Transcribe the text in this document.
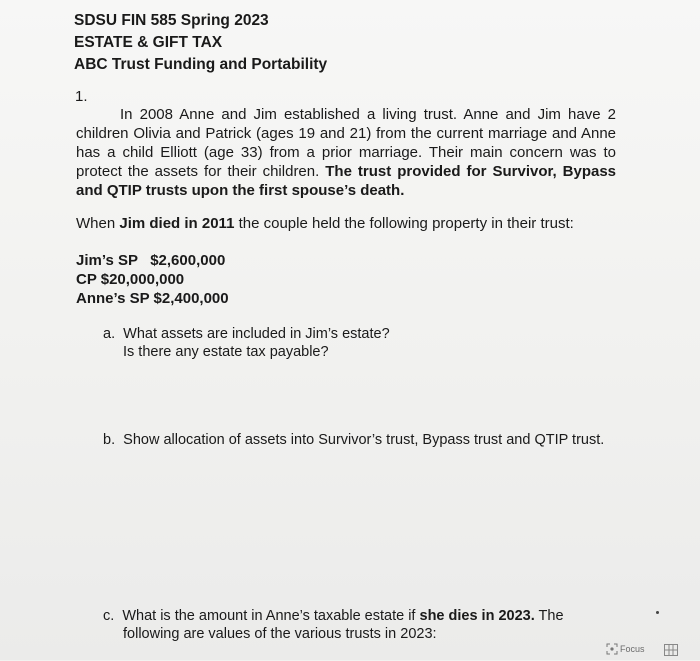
SDSU FIN 585 Spring 2023
ESTATE & GIFT TAX
ABC Trust Funding and Portability
1.
In 2008 Anne and Jim established a living trust. Anne and Jim have 2 children Olivia and Patrick (ages 19 and 21) from the current marriage and Anne has a child Elliott (age 33) from a prior marriage. Their main concern was to protect the assets for their children. The trust provided for Survivor, Bypass and QTIP trusts upon the first spouse’s death.
When Jim died in 2011 the couple held the following property in their trust:
Jim’s SP   $2,600,000
CP $20,000,000
Anne’s SP $2,400,000
a.  What assets are included in Jim’s estate?
Is there any estate tax payable?
b.  Show allocation of assets into Survivor’s trust, Bypass trust and QTIP trust.
c.  What is the amount in Anne’s taxable estate if she dies in 2023. The
following are values of the various trusts in 2023:
Focus
